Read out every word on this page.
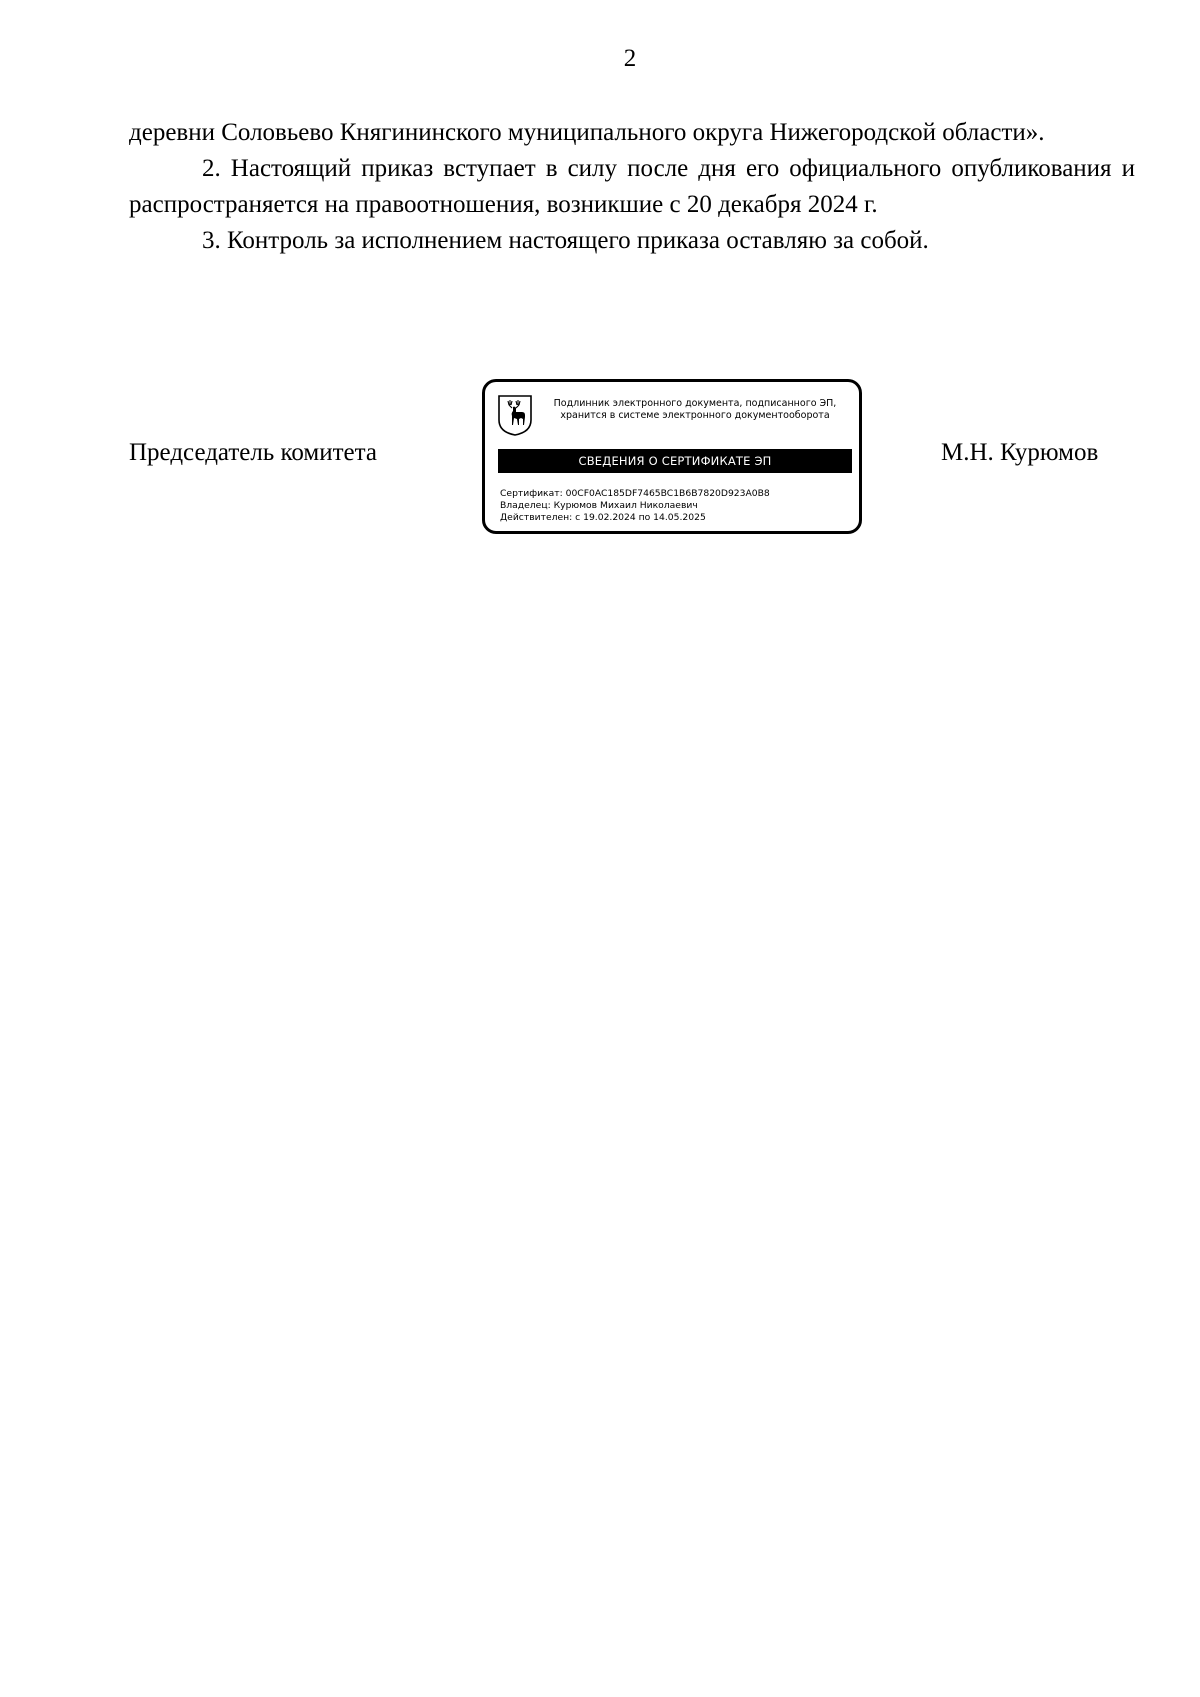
2

деревни Соловьево Княгининского муниципального округа Нижегородской области».

2. Настоящий приказ вступает в силу после дня его официального опубликования и распространяется на правоотношения, возникшие с 20 декабря 2024 г.

3. Контроль за исполнением настоящего приказа оставляю за собой.

Председатель комитета
Подлинник электронного документа, подписанного ЭП,
хранится в системе электронного документооборота
СВЕДЕНИЯ О СЕРТИФИКАТЕ ЭП
Сертификат: 00CF0AC185DF7465BC1B6B7820D923A0B8
Владелец: Курюмов Михаил Николаевич
Действителен: с 19.02.2024 по 14.05.2025
М.Н. Курюмов
